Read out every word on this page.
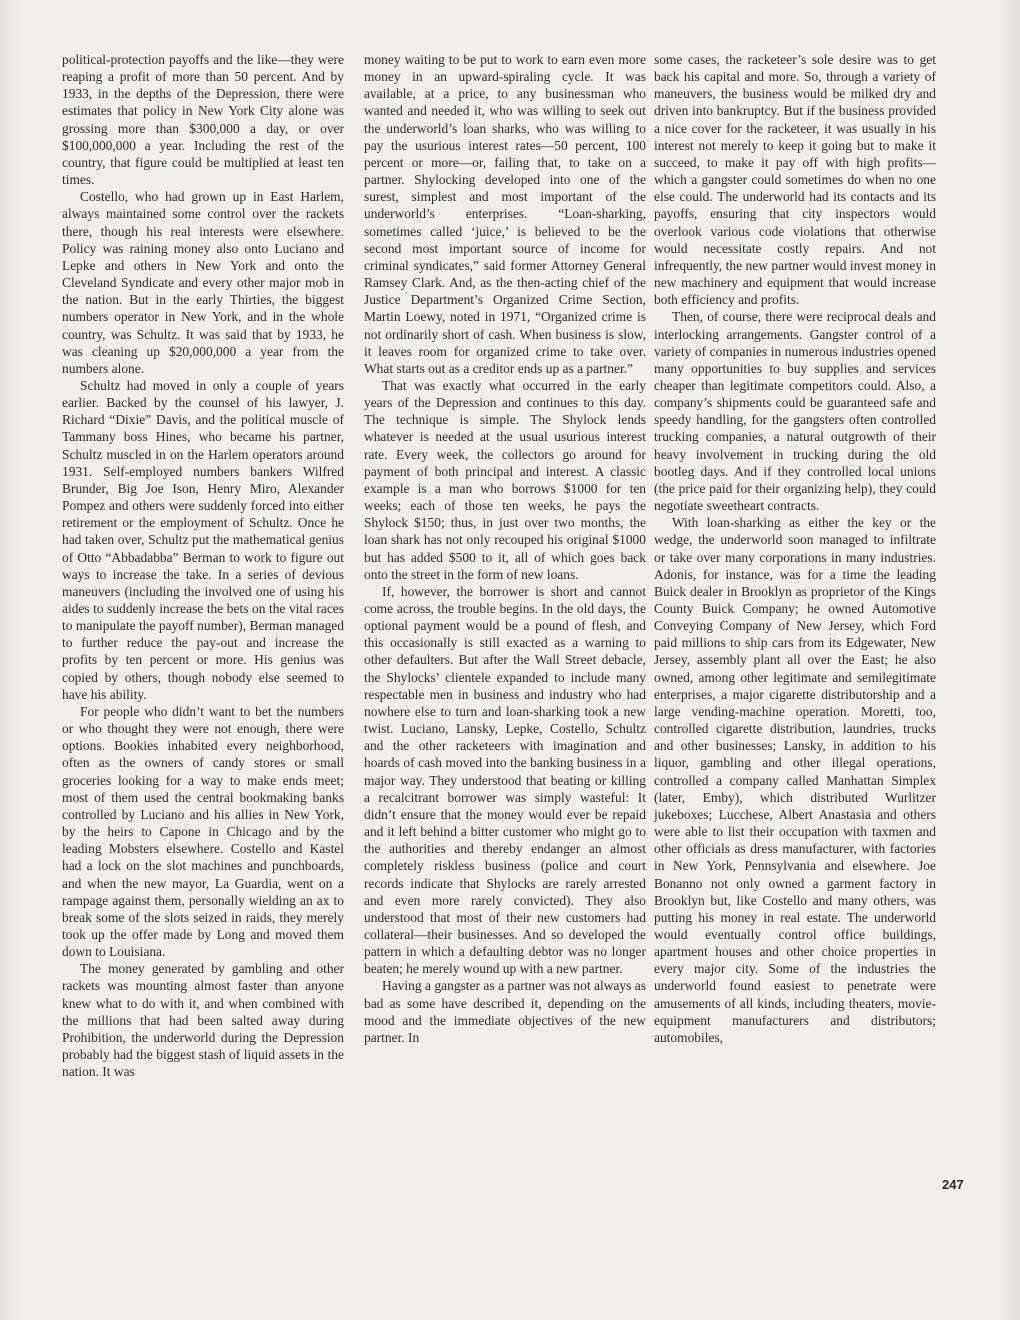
political-protection payoffs and the like—they were reaping a profit of more than 50 percent. And by 1933, in the depths of the Depression, there were estimates that policy in New York City alone was grossing more than $300,000 a day, or over $100,000,000 a year. Including the rest of the country, that figure could be multiplied at least ten times.

Costello, who had grown up in East Harlem, always maintained some control over the rackets there, though his real interests were elsewhere. Policy was raining money also onto Luciano and Lepke and others in New York and onto the Cleveland Syndicate and every other major mob in the nation. But in the early Thirties, the biggest numbers operator in New York, and in the whole country, was Schultz. It was said that by 1933, he was cleaning up $20,000,000 a year from the numbers alone.

Schultz had moved in only a couple of years earlier. Backed by the counsel of his lawyer, J. Richard “Dixie” Davis, and the political muscle of Tammany boss Hines, who became his partner, Schultz muscled in on the Harlem operators around 1931. Self-employed numbers bankers Wilfred Brunder, Big Joe Ison, Henry Miro, Alexander Pompez and others were suddenly forced into either retirement or the employment of Schultz. Once he had taken over, Schultz put the mathematical genius of Otto “Abbadabba” Berman to work to figure out ways to increase the take. In a series of devious maneuvers (including the involved one of using his aides to suddenly increase the bets on the vital races to manipulate the payoff number), Berman managed to further reduce the pay-out and increase the profits by ten percent or more. His genius was copied by others, though nobody else seemed to have his ability.

For people who didn’t want to bet the numbers or who thought they were not enough, there were options. Bookies inhabited every neighborhood, often as the owners of candy stores or small groceries looking for a way to make ends meet; most of them used the central bookmaking banks controlled by Luciano and his allies in New York, by the heirs to Capone in Chicago and by the leading Mobsters elsewhere. Costello and Kastel had a lock on the slot machines and punchboards, and when the new mayor, La Guardia, went on a rampage against them, personally wielding an ax to break some of the slots seized in raids, they merely took up the offer made by Long and moved them down to Louisiana.

The money generated by gambling and other rackets was mounting almost faster than anyone knew what to do with it, and when combined with the millions that had been salted away during Prohibition, the underworld during the Depression probably had the biggest stash of liquid assets in the nation. It was

money waiting to be put to work to earn even more money in an upward-spiraling cycle. It was available, at a price, to any businessman who wanted and needed it, who was willing to seek out the underworld’s loan sharks, who was willing to pay the usurious interest rates—50 percent, 100 percent or more—or, failing that, to take on a partner. Shylocking developed into one of the surest, simplest and most important of the underworld’s enterprises. “Loan-sharking, sometimes called ‘juice,’ is believed to be the second most important source of income for criminal syndicates,” said former Attorney General Ramsey Clark. And, as the then-acting chief of the Justice Department’s Organized Crime Section, Martin Loewy, noted in 1971, “Organized crime is not ordinarily short of cash. When business is slow, it leaves room for organized crime to take over. What starts out as a creditor ends up as a partner.”

That was exactly what occurred in the early years of the Depression and continues to this day. The technique is simple. The Shylock lends whatever is needed at the usual usurious interest rate. Every week, the collectors go around for payment of both principal and interest. A classic example is a man who borrows $1000 for ten weeks; each of those ten weeks, he pays the Shylock $150; thus, in just over two months, the loan shark has not only recouped his original $1000 but has added $500 to it, all of which goes back onto the street in the form of new loans.

If, however, the borrower is short and cannot come across, the trouble begins. In the old days, the optional payment would be a pound of flesh, and this occasionally is still exacted as a warning to other defaulters. But after the Wall Street debacle, the Shylocks’ clientele expanded to include many respectable men in business and industry who had nowhere else to turn and loan-sharking took a new twist. Luciano, Lansky, Lepke, Costello, Schultz and the other racketeers with imagination and hoards of cash moved into the banking business in a major way. They understood that beating or killing a recalcitrant borrower was simply wasteful: It didn’t ensure that the money would ever be repaid and it left behind a bitter customer who might go to the authorities and thereby endanger an almost completely riskless business (police and court records indicate that Shylocks are rarely arrested and even more rarely convicted). They also understood that most of their new customers had collateral—their businesses. And so developed the pattern in which a defaulting debtor was no longer beaten; he merely wound up with a new partner.

Having a gangster as a partner was not always as bad as some have described it, depending on the mood and the immediate objectives of the new partner. In

some cases, the racketeer’s sole desire was to get back his capital and more. So, through a variety of maneuvers, the business would be milked dry and driven into bankruptcy. But if the business provided a nice cover for the racketeer, it was usually in his interest not merely to keep it going but to make it succeed, to make it pay off with high profits—which a gangster could sometimes do when no one else could. The underworld had its contacts and its payoffs, ensuring that city inspectors would overlook various code violations that otherwise would necessitate costly repairs. And not infrequently, the new partner would invest money in new machinery and equipment that would increase both efficiency and profits.

Then, of course, there were reciprocal deals and interlocking arrangements. Gangster control of a variety of companies in numerous industries opened many opportunities to buy supplies and services cheaper than legitimate competitors could. Also, a company’s shipments could be guaranteed safe and speedy handling, for the gangsters often controlled trucking companies, a natural outgrowth of their heavy involvement in trucking during the old bootleg days. And if they controlled local unions (the price paid for their organizing help), they could negotiate sweetheart contracts.

With loan-sharking as either the key or the wedge, the underworld soon managed to infiltrate or take over many corporations in many industries. Adonis, for instance, was for a time the leading Buick dealer in Brooklyn as proprietor of the Kings County Buick Company; he owned Automotive Conveying Company of New Jersey, which Ford paid millions to ship cars from its Edgewater, New Jersey, assembly plant all over the East; he also owned, among other legitimate and semilegitimate enterprises, a major cigarette distributorship and a large vending-machine operation. Moretti, too, controlled cigarette distribution, laundries, trucks and other businesses; Lansky, in addition to his liquor, gambling and other illegal operations, controlled a company called Manhattan Simplex (later, Emby), which distributed Wurlitzer jukeboxes; Lucchese, Albert Anastasia and others were able to list their occupation with taxmen and other officials as dress manufacturer, with factories in New York, Pennsylvania and elsewhere. Joe Bonanno not only owned a garment factory in Brooklyn but, like Costello and many others, was putting his money in real estate. The underworld would eventually control office buildings, apartment houses and other choice properties in every major city. Some of the industries the underworld found easiest to penetrate were amusements of all kinds, including theaters, movie-equipment manufacturers and distributors; automobiles,

247
